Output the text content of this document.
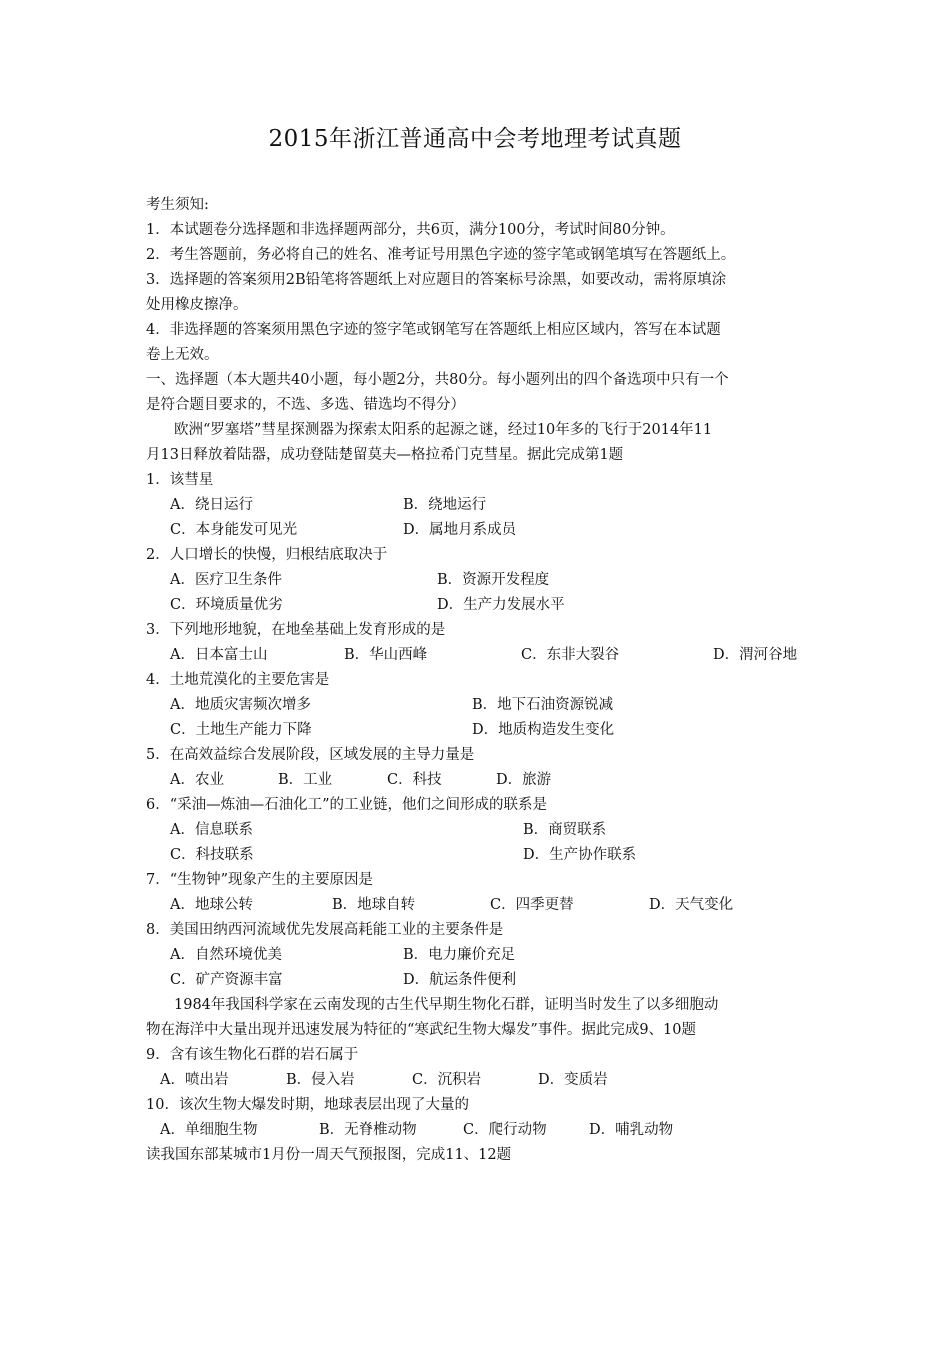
2015年浙江普通高中会考地理考试真题
考生须知:
1．本试题卷分选择题和非选择题两部分，共6页，满分100分，考试时间80分钟。
2．考生答题前，务必将自己的姓名、准考证号用黑色字迹的签字笔或钢笔填写在答题纸上。
3．选择题的答案须用2B铅笔将答题纸上对应题目的答案标号涂黑，如要改动，需将原填涂
处用橡皮擦净。
4．非选择题的答案须用黑色字迹的签字笔或钢笔写在答题纸上相应区域内，答写在本试题
卷上无效。
一、选择题（本大题共40小题，每小题2分，共80分。每小题列出的四个备选项中只有一个
是符合题目要求的，不选、多选、错选均不得分）
欧洲“罗塞塔”彗星探测器为探索太阳系的起源之谜，经过10年多的飞行于2014年11
月13日释放着陆器，成功登陆楚留莫夫—格拉希门克彗星。据此完成第1题
1．该彗星
A．绕日运行	B．绕地运行
C．本身能发可见光	D．属地月系成员
2．人口增长的快慢，归根结底取决于
A．医疗卫生条件	B．资源开发程度
C．环境质量优劣	D．生产力发展水平
3．下列地形地貌，在地垒基础上发育形成的是
A．日本富士山	B．华山西峰	C．东非大裂谷	D．渭河谷地
4．土地荒漠化的主要危害是
A．地质灾害频次增多	B．地下石油资源锐减
C．土地生产能力下降	D．地质构造发生变化
5．在高效益综合发展阶段，区域发展的主导力量是
A．农业	B．工业	C．科技	D．旅游
6．“采油—炼油—石油化工”的工业链，他们之间形成的联系是
A．信息联系	B．商贸联系
C．科技联系	D．生产协作联系
7．“生物钟”现象产生的主要原因是
A．地球公转	B．地球自转	C．四季更替	D．天气变化
8．美国田纳西河流域优先发展高耗能工业的主要条件是
A．自然环境优美	B．电力廉价充足
C．矿产资源丰富	D．航运条件便利
1984年我国科学家在云南发现的古生代早期生物化石群，证明当时发生了以多细胞动
物在海洋中大量出现并迅速发展为特征的“寒武纪生物大爆发”事件。据此完成9、10题
9．含有该生物化石群的岩石属于
A．喷出岩	B．侵入岩	C．沉积岩	D．变质岩
10．该次生物大爆发时期，地球表层出现了大量的
A．单细胞生物	B．无脊椎动物	C．爬行动物	D．哺乳动物
读我国东部某城市1月份一周天气预报图，完成11、12题
